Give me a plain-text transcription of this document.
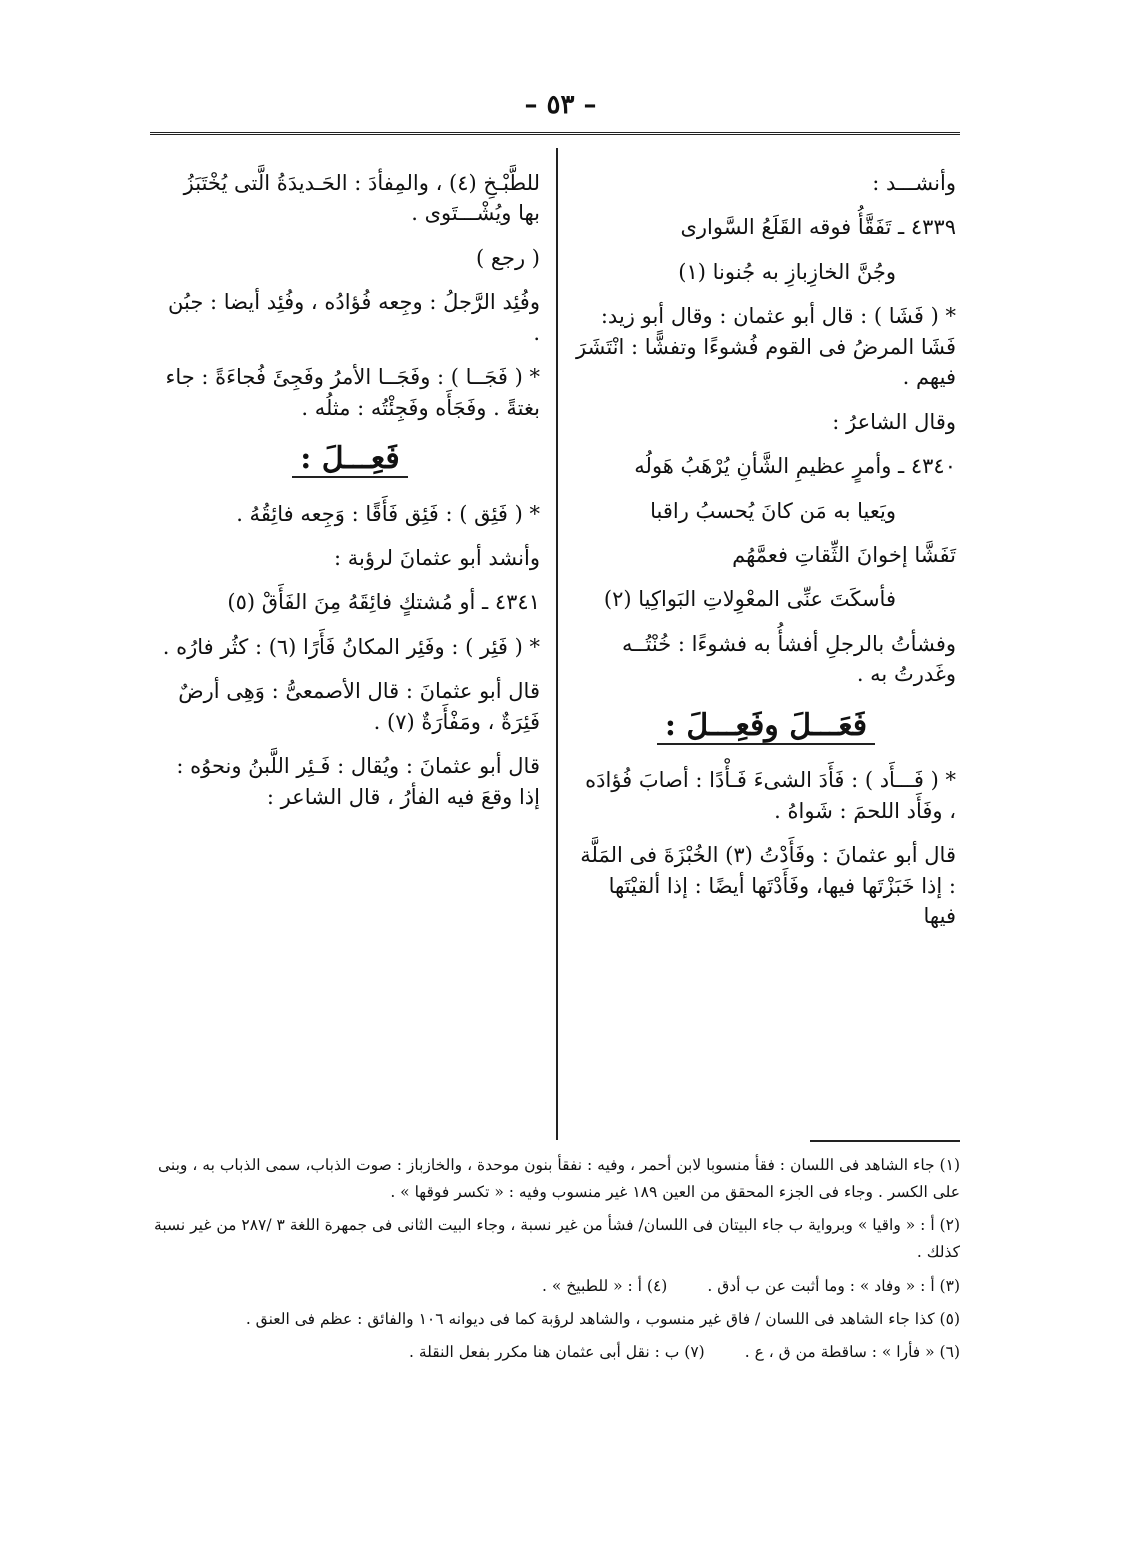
– ٥٣ –

وأنشـــد :

٤٣٣٩ ـ تَفَقَّأُ فوقه القَلَعُ السَّوارى

وجُنَّ الخازِبازِ به جُنونا (١)

* ( فَشَا ) : قال أبو عثمان : وقال أبو زيد: فَشَا المرضُ فى القوم فُشوءًا وتفشًّا : انْتَشَرَ فيهم .

وقال الشاعرُ :

٤٣٤٠ ـ وأمرٍ عظيمِ الشَّأنِ يُرْهَبُ هَولُه

ويَعيا به مَن كانَ يُحسبُ راقبا

تَفَشَّا إخوانَ الثِّقاتِ فعمَّهُم

فأسكَتَ عنِّى المعْوِلاتِ البَواكِيا (٢)

وفشأتُ بالرجلِ أفشأُ به فشوءًا : خُنْتُــه وغَدرتُ به .

فَعَـــلَ وفَعِـــلَ :

* ( فَـــأَد ) : فَأَدَ الشىءَ فَـأْدًا : أصابَ فُؤادَه ، وفَأَد اللحمَ : شَواهُ .

قال أبو عثمانَ : وفَأَدْتُ (٣) الخُبْزَةَ فى المَلَّة : إذا خَبَزْتَها فيها، وفَأَدْتَها أيضًا : إذا ألقيْتَها فيها

للطَّبْـخِ (٤) ، والمِفأدَ : الحَـديدَةُ الَّتى يُخْتَبَزُ بها ويُشْـــتَوى .

( رجع )

وفُئِد الرَّجلُ : وجِعه فُؤادُه ، وفُئِد أيضا : جبُن .

* ( فَجَــا ) : وفَجَــا الأمرُ وفَجِئَ فُجاءَةً : جاء بغتةً . وفَجَأَه وفَجِئْتُه : مثلُه .

فَعِـــلَ :

* ( فَئِق ) : فَئِق فَأَقًا : وَجِعه فائِقُهُ .

وأنشد أبو عثمانَ لرؤبة :

٤٣٤١ ـ أو مُشتكٍ فائِقَهُ مِنَ الفَأَقْ (٥)

* ( فَئِر ) : وفَئِر المكانُ فَأَرًا (٦) : كثُر فارُه .

قال أبو عثمانَ : قال الأصمعىُّ : وَهِى أرضٌ فَئِرَةٌ ، ومَفْأَرَةٌ (٧) .

قال أبو عثمانَ : ويُقال : فَـئِر اللَّبنُ ونحوُه : إذا وقعَ فيه الفأرُ ، قال الشاعر :

(١) جاء الشاهد فى اللسان : فقأ منسوبا لابن أحمر ، وفيه : نفقأ بنون موحدة ، والخازباز : صوت الذباب، سمى الذباب به ، وبنى على الكسر . وجاء فى الجزء المحقق من العين ١٨٩ غير منسوب وفيه : « تكسر فوقها » .

(٢) أ : « واقيا » وبرواية ب جاء البيتان فى اللسان/ فشأ من غير نسبة ، وجاء البيت الثانى فى جمهرة اللغة ٣ /٢٨٧ من غير نسبة كذلك .

(٣) أ : « وفاد » : وما أثبت عن ب أدق .
(٤) أ : « للطبيخ » .

(٥) كذا جاء الشاهد فى اللسان / فاق غير منسوب ، والشاهد لرؤبة كما فى ديوانه ١٠٦ والفائق : عظم فى العنق .

(٦) « فأرا » : ساقطة من ق ، ع .
(٧) ب : نقل أبى عثمان هنا مكرر بفعل النقلة .
